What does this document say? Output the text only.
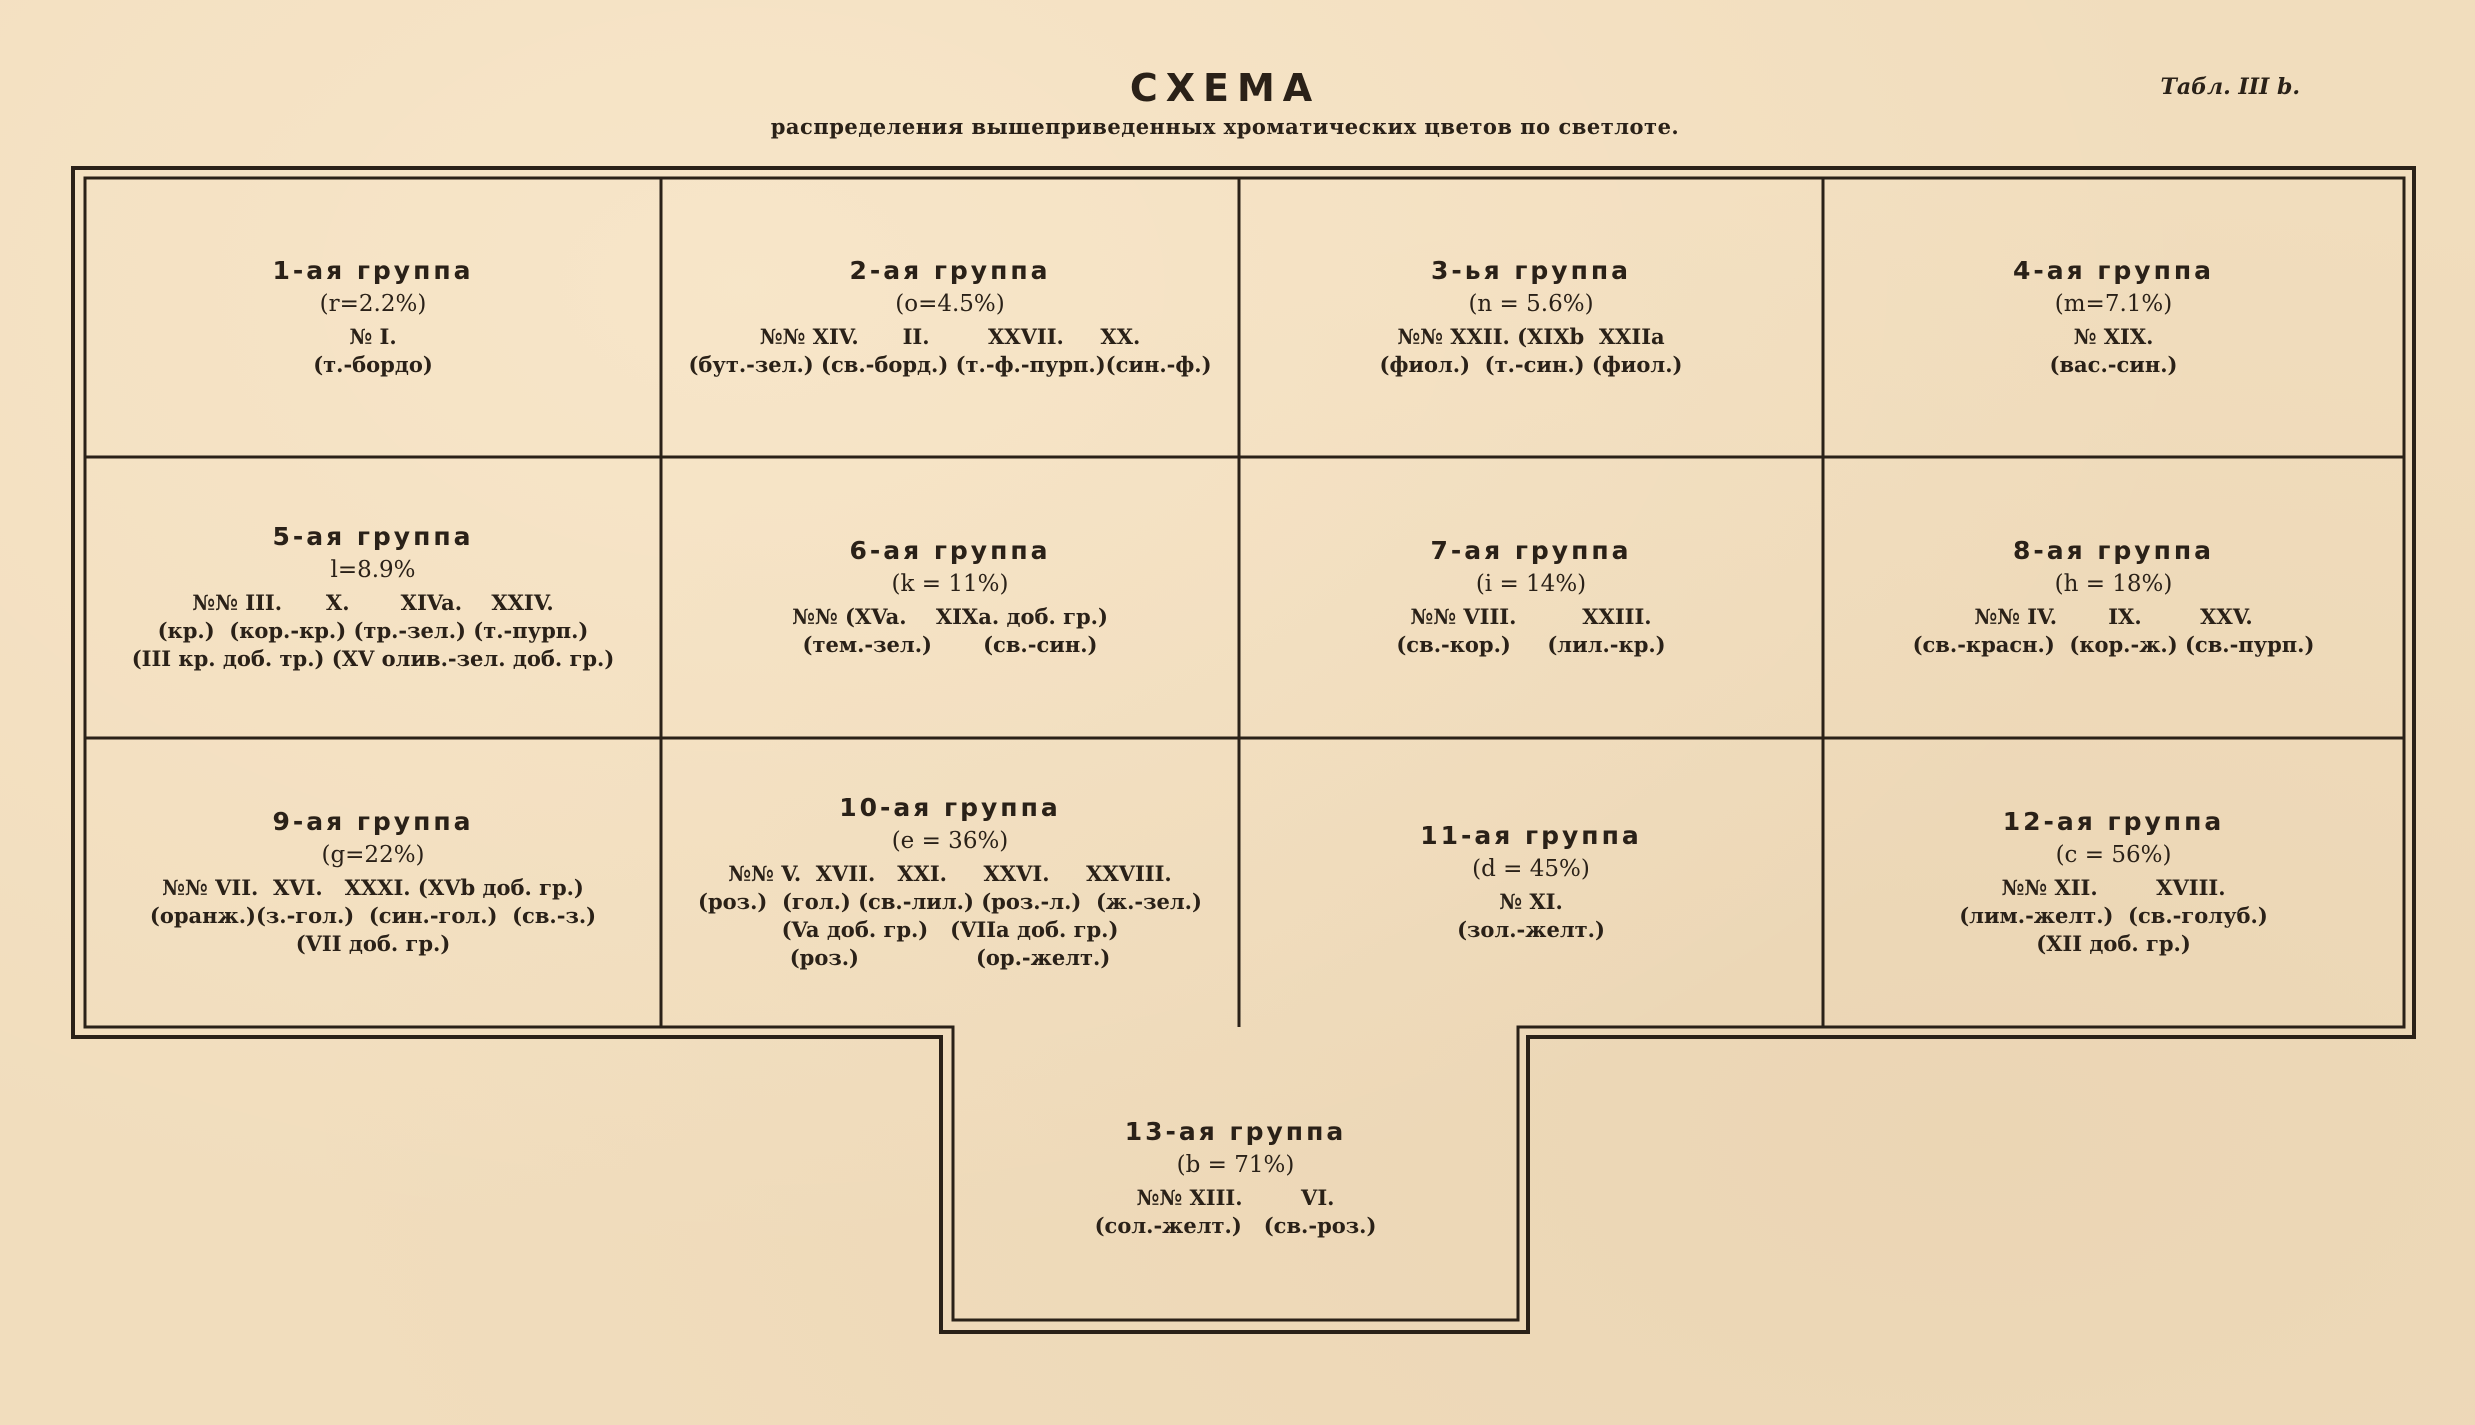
СХЕМА
распределения вышеприведенных хроматических цветов по светлоте.
Табл. III b.
1-ая группа
(r=2.2%)
№ I.
(т.-бордо)
2-ая группа
(o=4.5%)
№№ XIV.      II.        XXVII.     XX.
(бут.-зел.) (св.-борд.) (т.-ф.-пурп.)(син.-ф.)
3-ья группа
(n = 5.6%)
№№ XXII. (XIXb  XXIIa
(фиол.)  (т.-син.) (фиол.)
4-ая группа
(m=7.1%)
№ XIX.
(вас.-син.)
5-ая группа
l=8.9%
№№ III.      X.       XIVa.    XXIV.
(кр.)  (кор.-кр.) (тр.-зел.) (т.-пурп.)
(III кр. доб. тр.) (XV олив.-зел. доб. гр.)
6-ая группа
(k = 11%)
№№ (XVa.    XIXa. доб. гр.)
(тем.-зел.)       (св.-син.)
7-ая группа
(i = 14%)
№№ VIII.         XXIII.
(св.-кор.)     (лил.-кр.)
8-ая группа
(h = 18%)
№№ IV.       IX.        XXV.
(св.-красн.)  (кор.-ж.) (св.-пурп.)
9-ая группа
(g=22%)
№№ VII.  XVI.   XXXI. (XVb доб. гр.)
(оранж.)(з.-гол.)  (син.-гол.)  (св.-з.)
(VII доб. гр.)
10-ая группа
(e = 36%)
№№ V.  XVII.   XXI.     XXVI.     XXVIII.
(роз.)  (гол.) (св.-лил.) (роз.-л.)  (ж.-зел.)
(Va доб. гр.)   (VIIa доб. гр.)
(роз.)                (ор.-желт.)
11-ая группа
(d = 45%)
№ XI.
(зол.-желт.)
12-ая группа
(c = 56%)
№№ XII.        XVIII.
(лим.-желт.)  (св.-голуб.)
(XII доб. гр.)
13-ая группа
(b = 71%)
№№ XIII.        VI.
(сол.-желт.)   (св.-роз.)
